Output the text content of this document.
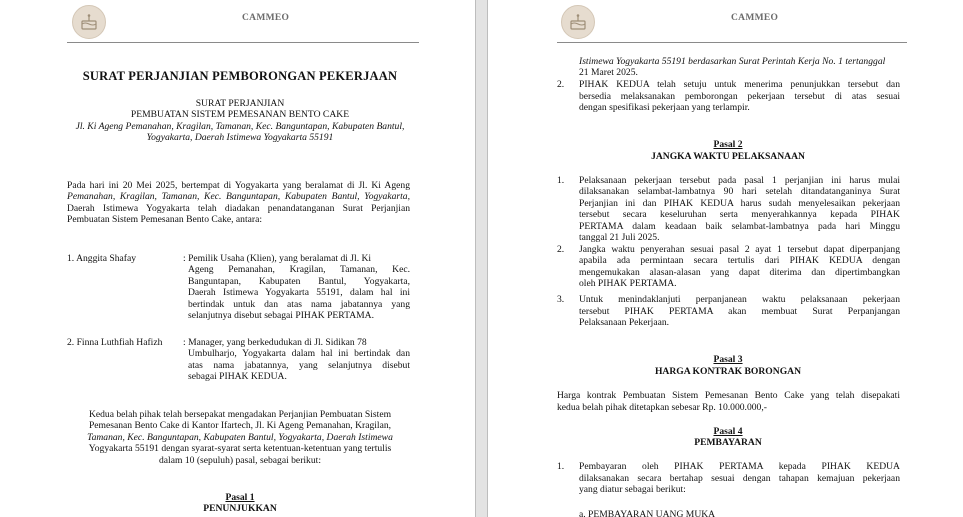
CAMMEO
SURAT PERJANJIAN PEMBORONGAN PEKERJAAN
SURAT PERJANJIAN
PEMBUATAN SISTEM PEMESANAN BENTO CAKE
Jl. Ki Ageng Pemanahan, Kragilan, Tamanan, Kec. Banguntapan, Kabupaten Bantul,
Yogyakarta, Daerah Istimewa Yogyakarta 55191
Pada hari ini 20 Mei 2025, bertempat di Yogyakarta yang beralamat di Jl. Ki Ageng
Pemanahan, Kragilan, Tamanan, Kec. Banguntapan, Kabupaten Bantul, Yogyakarta,
Daerah Istimewa Yogyakarta telah diadakan penandatanganan Surat Perjanjian
Pembuatan Sistem Pemesanan Bento Cake, antara:
1. Anggita Shafay	: Pemilik Usaha (Klien), yang beralamat di Jl. Ki
Ageng Pemanahan, Kragilan, Tamanan, Kec.
Banguntapan, Kabupaten Bantul, Yogyakarta,
Daerah Istimewa Yogyakarta 55191, dalam hal ini
bertindak untuk dan atas nama jabatannya yang
selanjutnya disebut sebagai PIHAK PERTAMA.
2. Finna Luthfiah Hafizh : Manager, yang berkedudukan di Jl. Sidikan 78
Umbulharjo, Yogyakarta dalam hal ini bertindak dan
atas nama jabatannya, yang selanjutnya disebut
sebagai PIHAK KEDUA.
Kedua belah pihak telah bersepakat mengadakan Perjanjian Pembuatan Sistem
Pemesanan Bento Cake di Kantor Ifartech, Jl. Ki Ageng Pemanahan, Kragilan,
Tamanan, Kec. Banguntapan, Kabupaten Bantul, Yogyakarta, Daerah Istimewa
Yogyakarta 55191 dengan syarat-syarat serta ketentuan-ketentuan yang tertulis
dalam 10 (sepuluh) pasal, sebagai berikut:
Pasal 1
PENUNJUKKAN
CAMMEO
Istimewa Yogyakarta 55191 berdasarkan Surat Perintah Kerja No. 1 tertanggal
21 Maret 2025.
2. PIHAK KEDUA telah setuju untuk menerima penunjukkan tersebut dan
bersedia melaksanakan pemborongan pekerjaan tersebut di atas sesuai
dengan spesifikasi pekerjaan yang terlampir.
Pasal 2
JANGKA WAKTU PELAKSANAAN
1. Pelaksanaan pekerjaan tersebut pada pasal 1 perjanjian ini harus mulai
dilaksanakan selambat-lambatnya 90 hari setelah ditandatanganinya Surat
Perjanjian ini dan PIHAK KEDUA harus sudah menyelesaikan pekerjaan
tersebut secara keseluruhan serta menyerahkannya kepada PIHAK
PERTAMA dalam keadaan baik selambat-lambatnya pada hari Minggu
tanggal 21 Juli 2025.
2. Jangka waktu penyerahan sesuai pasal 2 ayat 1 tersebut dapat diperpanjang
apabila ada permintaan secara tertulis dari PIHAK KEDUA dengan
mengemukakan alasan-alasan yang dapat diterima dan dipertimbangkan
oleh PIHAK PERTAMA.
3. Untuk menindaklanjuti perpanjanean waktu pelaksanaan pekerjaan
tersebut PIHAK PERTAMA akan membuat Surat Perpanjangan
Pelaksanaan Pekerjaan.
Pasal 3
HARGA KONTRAK BORONGAN
Harga kontrak Pembuatan Sistem Pemesanan Bento Cake yang telah disepakati
kedua belah pihak ditetapkan sebesar Rp. 10.000.000,-
Pasal 4
PEMBAYARAN
1. Pembayaran oleh PIHAK PERTAMA kepada PIHAK KEDUA
dilaksanakan secara bertahap sesuai dengan tahapan kemajuan pekerjaan
yang diatur sebagai berikut:
a. PEMBAYARAN UANG MUKA
